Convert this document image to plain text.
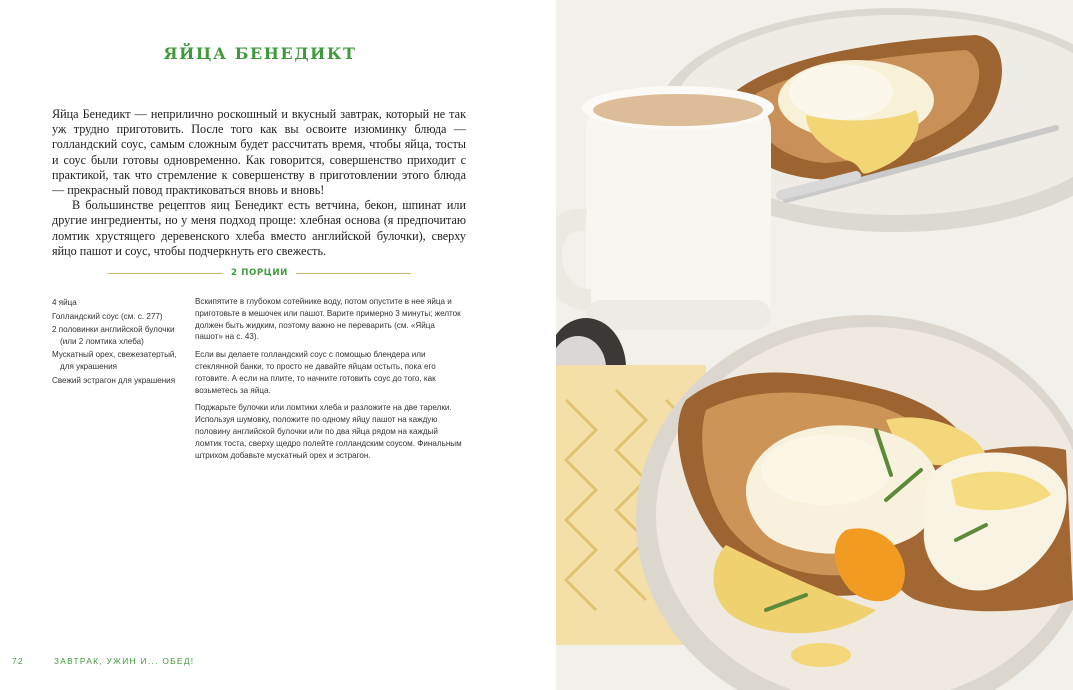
ЯЙЦА БЕНЕДИКТ

Яйца Бенедикт — неприлично роскошный и вкусный завтрак, который не так уж трудно приготовить. После того как вы освоите изюминку блюда — голландский соус, самым сложным будет рассчитать время, чтобы яйца, тосты и соус были готовы одновременно. Как говорится, совершенство приходит с практикой, так что стремление к совершенству в приготовлении этого блюда — прекрасный повод практиковаться вновь и вновь!

В большинстве рецептов яиц Бенедикт есть ветчина, бекон, шпинат или другие ингредиенты, но у меня подход проще: хлебная основа (я предпочитаю ломтик хрустящего деревенского хлеба вместо английской булочки), сверху яйцо пашот и соус, чтобы подчеркнуть его свежесть.

2 ПОРЦИИ
4 яйца
Голландский соус (см. с. 277)
2 половинки английской булочки (или 2 ломтика хлеба)
Мускатный орех, свежезатертый, для украшения
Свежий эстрагон для украшения

Вскипятите в глубоком сотейнике воду, потом опустите в нее яйца и приготовьте в мешочек или пашот. Варите примерно 3 минуты; желток должен быть жидким, поэтому важно не переварить (см. «Яйца пашот» на с. 43).

Если вы делаете голландский соус с помощью блендера или стеклянной банки, то просто не давайте яйцам остыть, пока его готовите. А если на плите, то начните готовить соус до того, как возьметесь за яйца.

Поджарьте булочки или ломтики хлеба и разложите на две тарелки. Используя шумовку, положите по одному яйцу пашот на каждую половину английской булочки или по два яйца рядом на каждый ломтик тоста, сверху щедро полейте голландским соусом. Финальным штрихом добавьте мускатный орех и эстрагон.

72	ЗАВТРАК, УЖИН И... ОБЕД!
